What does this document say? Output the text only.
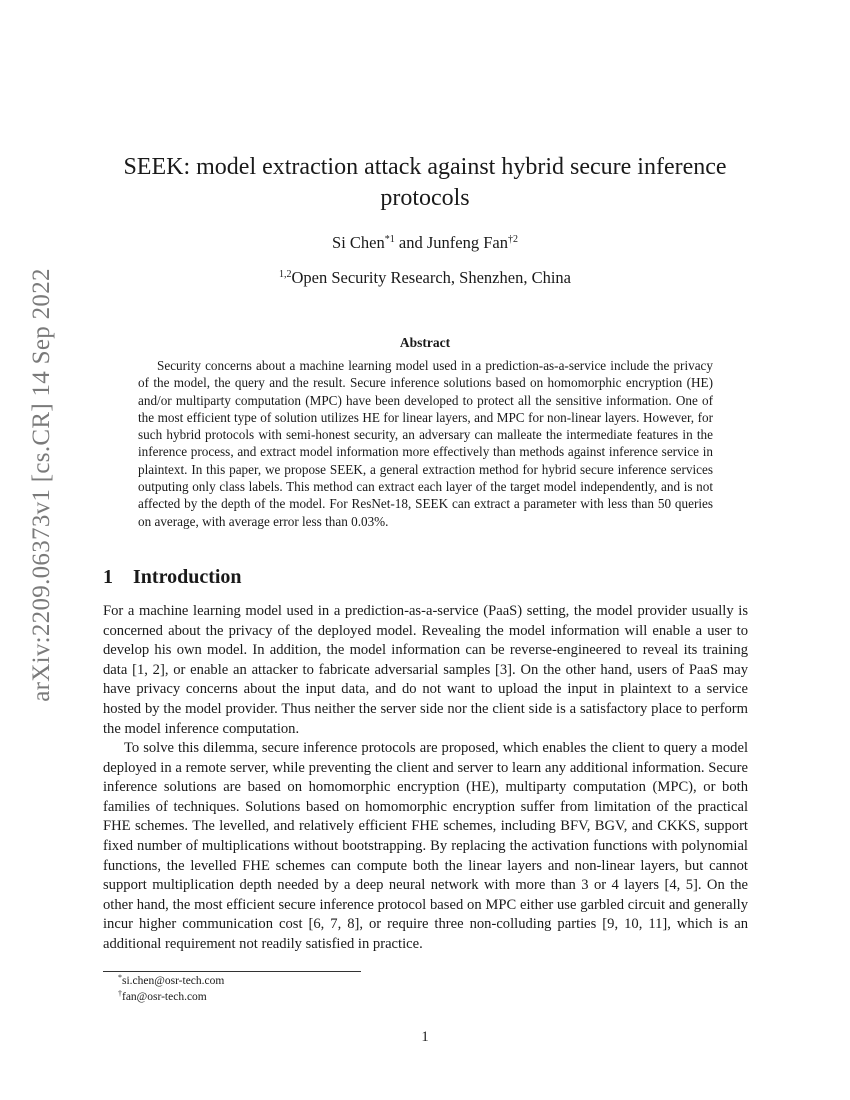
arXiv:2209.06373v1 [cs.CR] 14 Sep 2022
SEEK: model extraction attack against hybrid secure inference
protocols
Si Chen$^{*1}$ and Junfeng Fan$^{\dagger 2}$
$^{1,2}$Open Security Research, Shenzhen, China
Abstract

Security concerns about a machine learning model used in a prediction-as-a-service include the privacy of the model, the query and the result. Secure inference solutions based on homomorphic encryption (HE) and/or multiparty computation (MPC) have been developed to protect all the sensitive information. One of the most efficient type of solution utilizes HE for linear layers, and MPC for non-linear layers. However, for such hybrid protocols with semi-honest security, an adversary can malleate the intermediate features in the inference process, and extract model information more effectively than methods against inference service in plaintext. In this paper, we propose SEEK, a general extraction method for hybrid secure inference services outputing only class labels. This method can extract each layer of the target model independently, and is not affected by the depth of the model. For ResNet-18, SEEK can extract a parameter with less than 50 queries on average, with average error less than 0.03%.

1 Introduction

For a machine learning model used in a prediction-as-a-service (PaaS) setting, the model provider usually is concerned about the privacy of the deployed model. Revealing the model information will enable a user to develop his own model. In addition, the model information can be reverse-engineered to reveal its training data [1, 2], or enable an attacker to fabricate adversarial samples [3]. On the other hand, users of PaaS may have privacy concerns about the input data, and do not want to upload the input in plaintext to a service hosted by the model provider. Thus neither the server side nor the client side is a satisfactory place to perform the model inference computation.

To solve this dilemma, secure inference protocols are proposed, which enables the client to query a model deployed in a remote server, while preventing the client and server to learn any additional information. Secure inference solutions are based on homomorphic encryption (HE), multiparty computation (MPC), or both families of techniques. Solutions based on homomorphic encryption suffer from limitation of the practical FHE schemes. The levelled, and relatively efficient FHE schemes, including BFV, BGV, and CKKS, support fixed number of multiplications without bootstrapping. By replacing the activation functions with polynomial functions, the levelled FHE schemes can compute both the linear layers and non-linear layers, but cannot support multiplication depth needed by a deep neural network with more than 3 or 4 layers [4, 5]. On the other hand, the most efficient secure inference protocol based on MPC either use garbled circuit and generally incur higher communication cost [6, 7, 8], or require three non-colluding parties [9, 10, 11], which is an additional requirement not readily satisfied in practice.

*si.chen@osr-tech.com
†fan@osr-tech.com
1
